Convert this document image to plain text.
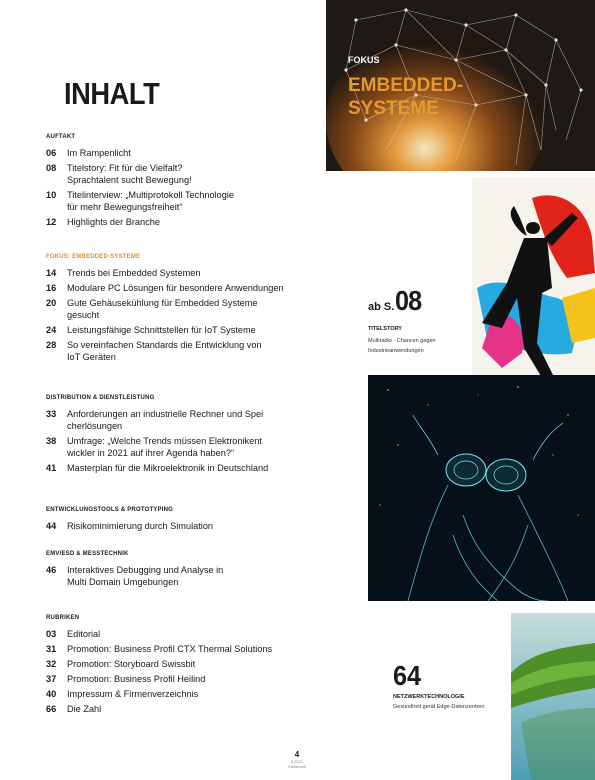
INHALT
AUFTAKT
06	Im Rampenlicht
08	Titelstory: Fit für die Vielfalt?
Sprachtalent sucht Bewegung!
10	Titelinterview: „Multiprotokoll Technologie
für mehr Bewegungsfreiheit“
12	Highlights der Branche
FOKUS: EMBEDDED-SYSTEME
14	Trends bei Embedded Systemen
16	Modulare PC Lösungen für besondere Anwendungen
20	Gute Gehäusekühlung für Embedded Systeme
gesucht
24	Leistungsfähige Schnittstellen für IoT Systeme
28	So vereinfachen Standards die Entwicklung von
IoT Geräten
DISTRIBUTION & DIENSTLEISTUNG
33	Anforderungen an industrielle Rechner und Spei
cherlösungen
38	Umfrage: „Welche Trends müssen Elektronikent
wickler in 2021 auf ihrer Agenda haben?“
41	Masterplan für die Mikroelektronik in Deutschland
ENTWICKLUNGSTOOLS & PROTOTYPING
44	Risikominimierung durch Simulation
EMV/ESD & MESSTECHNIK
46	Interaktives Debugging und Analyse in
Multi Domain Umgebungen
RUBRIKEN
03	Editorial
31	Promotion: Business Profil CTX Thermal Solutions
32	Promotion: Storyboard Swissbit
37	Promotion: Business Profil Heilind
40	Impressum & Firmenverzeichnis
66	Die Zahl
FOKUS
EMBEDDED-
SYSTEME
ab S. 08
TITELSTORY
Multiradio - Chancen gegen
Industrieanwendungen
64
NETZWERKTECHNOLOGIE
Gesundheit gerät Edge-Datenzentren
4
8.2021 Elektronik
